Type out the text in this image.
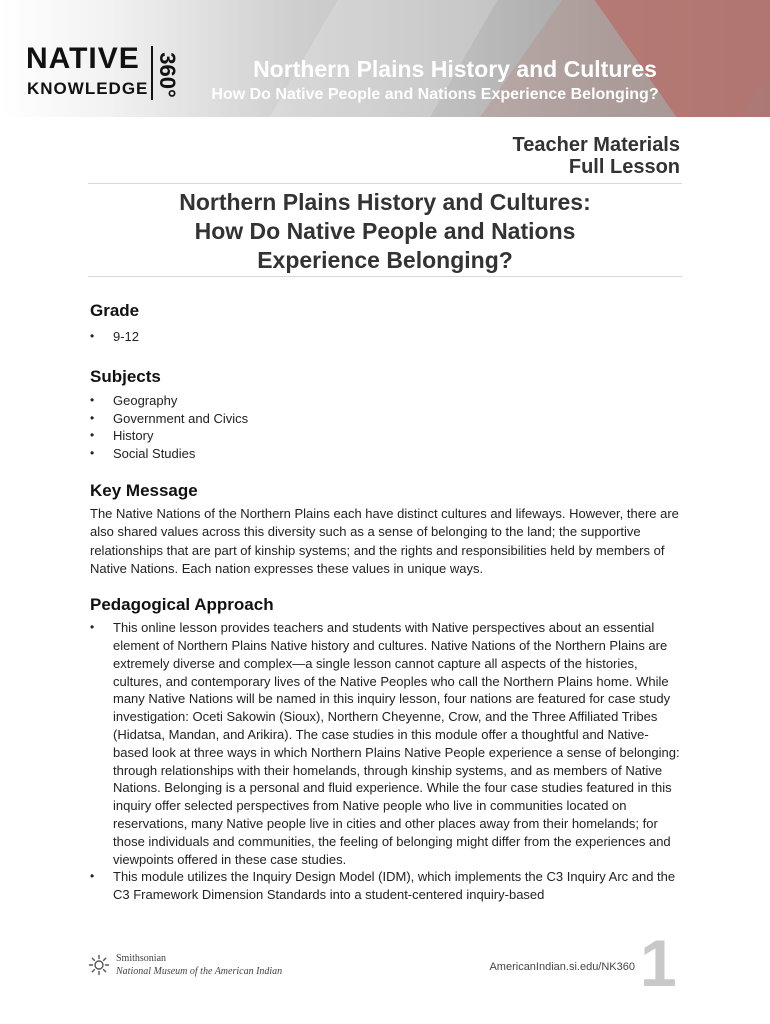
NATIVE
KNOWLEDGE 360°	Northern Plains History and Cultures
How Do Native People and Nations Experience Belonging?
Teacher Materials
Full Lesson
Northern Plains History and Cultures:
How Do Native People and Nations
Experience Belonging?
Grade
• 9-12
Subjects
• Geography
• Government and Civics
• History
• Social Studies
Key Message

The Native Nations of the Northern Plains each have distinct cultures and lifeways. However, there are also shared values across this diversity such as a sense of belonging to the land; the supportive relationships that are part of kinship systems; and the rights and responsibilities held by members of Native Nations. Each nation expresses these values in unique ways.

Pedagogical Approach
• This online lesson provides teachers and students with Native perspectives about an essential element of Northern Plains Native history and cultures. Native Nations of the Northern Plains are extremely diverse and complex—a single lesson cannot capture all aspects of the histories, cultures, and contemporary lives of the Native Peoples who call the Northern Plains home. While many Native Nations will be named in this inquiry lesson, four nations are featured for case study investigation: Oceti Sakowin (Sioux), Northern Cheyenne, Crow, and the Three Affiliated Tribes (Hidatsa, Mandan, and Arikira). The case studies in this module offer a thoughtful and Native-based look at three ways in which Northern Plains Native People experience a sense of belonging: through relationships with their homelands, through kinship systems, and as members of Native Nations. Belonging is a personal and fluid experience. While the four case studies featured in this inquiry offer selected perspectives from Native people who live in communities located on reservations, many Native people live in cities and other places away from their homelands; for those individuals and communities, the feeling of belonging might differ from the experiences and viewpoints offered in these case studies.
• This module utilizes the Inquiry Design Model (IDM), which implements the C3 Inquiry Arc and the C3 Framework Dimension Standards into a student-centered inquiry-based
Smithsonian
National Museum of the American Indian	AmericanIndian.si.edu/NK360 1
